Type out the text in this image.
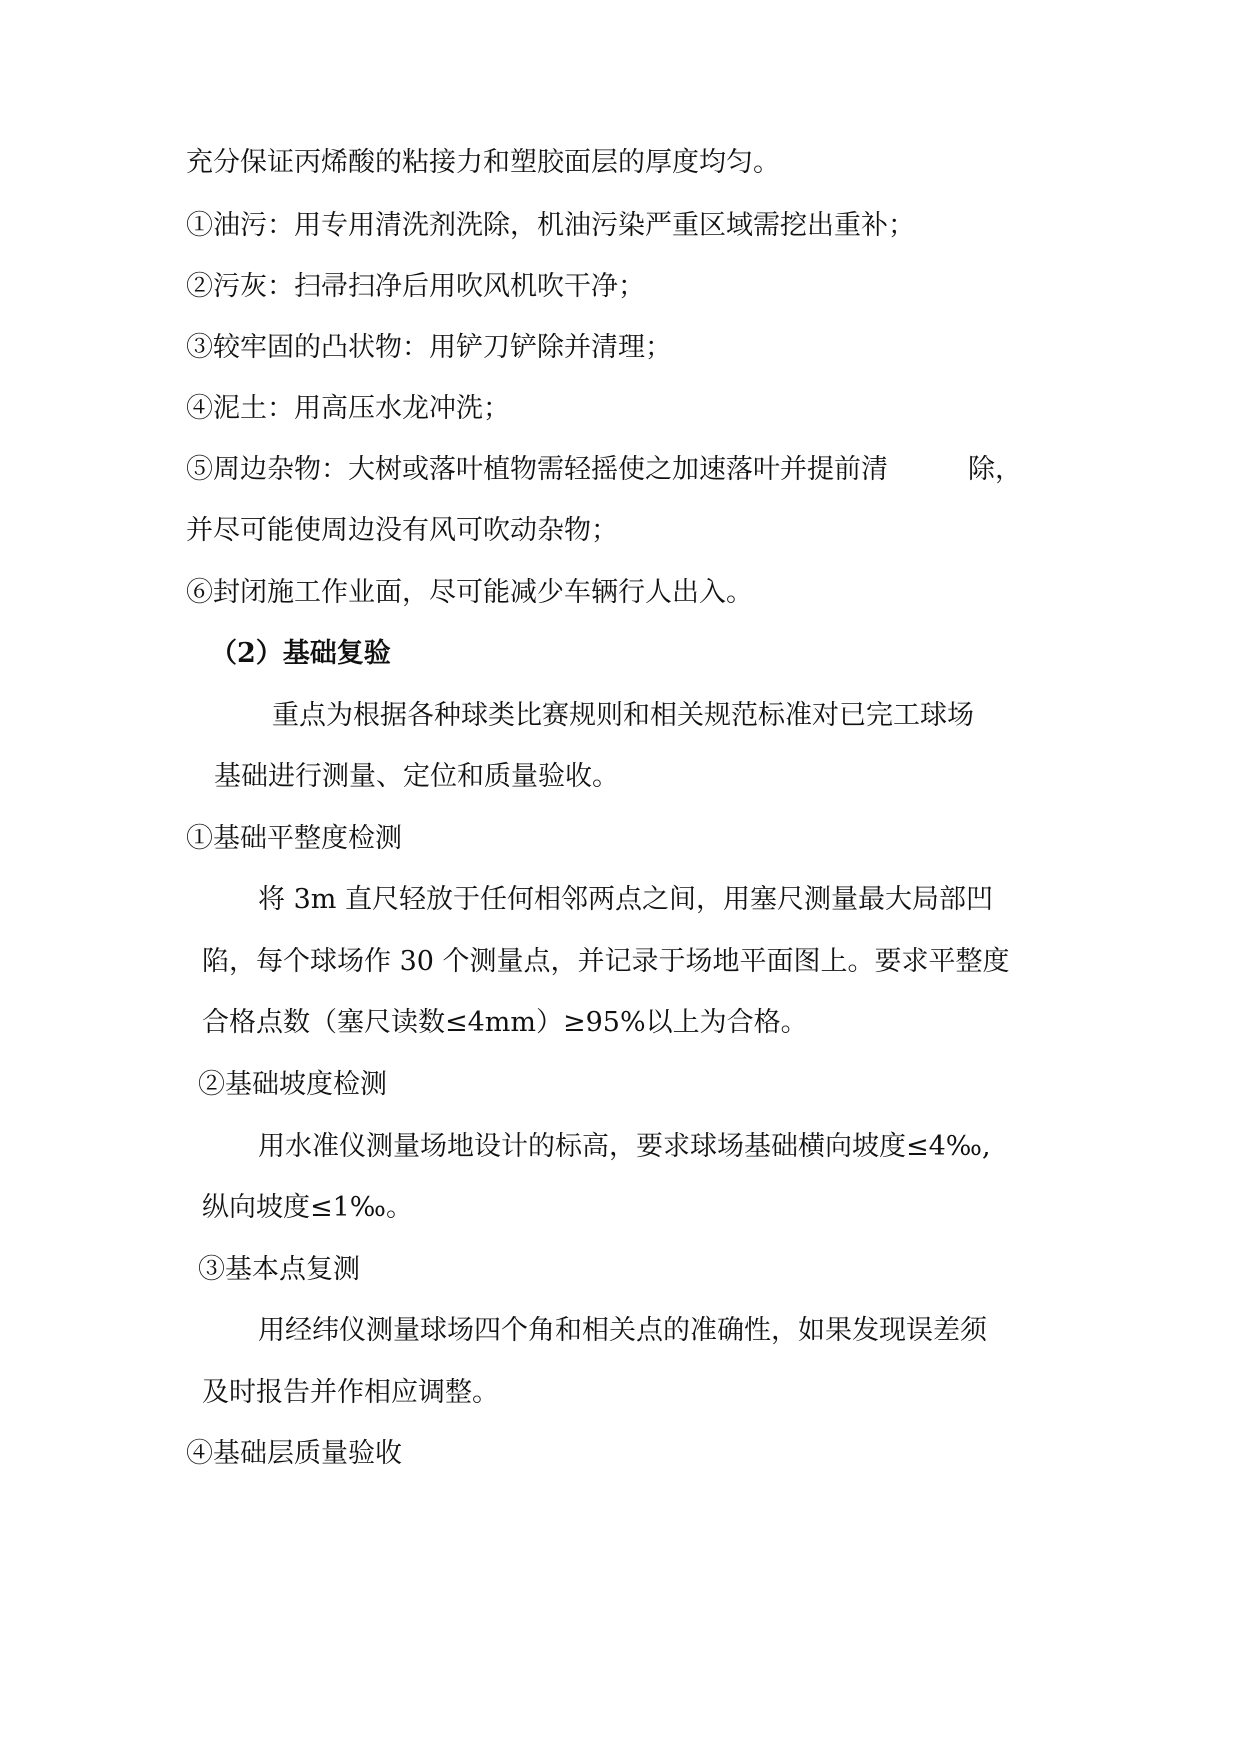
充分保证丙烯酸的粘接力和塑胶面层的厚度均匀。
①油污：用专用清洗剂洗除，机油污染严重区域需挖出重补；
②污灰：扫帚扫净后用吹风机吹干净；
③较牢固的凸状物：用铲刀铲除并清理；
④泥土：用高压水龙冲洗；
⑤周边杂物：大树或落叶植物需轻摇使之加速落叶并提前清	除，
并尽可能使周边没有风可吹动杂物；
⑥封闭施工作业面，尽可能减少车辆行人出入。
（2）基础复验
重点为根据各种球类比赛规则和相关规范标准对已完工球场
基础进行测量、定位和质量验收。
①基础平整度检测
将 3m 直尺轻放于任何相邻两点之间，用塞尺测量最大局部凹
陷，每个球场作 30 个测量点，并记录于场地平面图上。要求平整度
合格点数（塞尺读数≤4mm）≥95%以上为合格。
②基础坡度检测
用水准仪测量场地设计的标高，要求球场基础横向坡度≤4‰,
纵向坡度≤1‰。
③基本点复测
用经纬仪测量球场四个角和相关点的准确性，如果发现误差须
及时报告并作相应调整。
④基础层质量验收
